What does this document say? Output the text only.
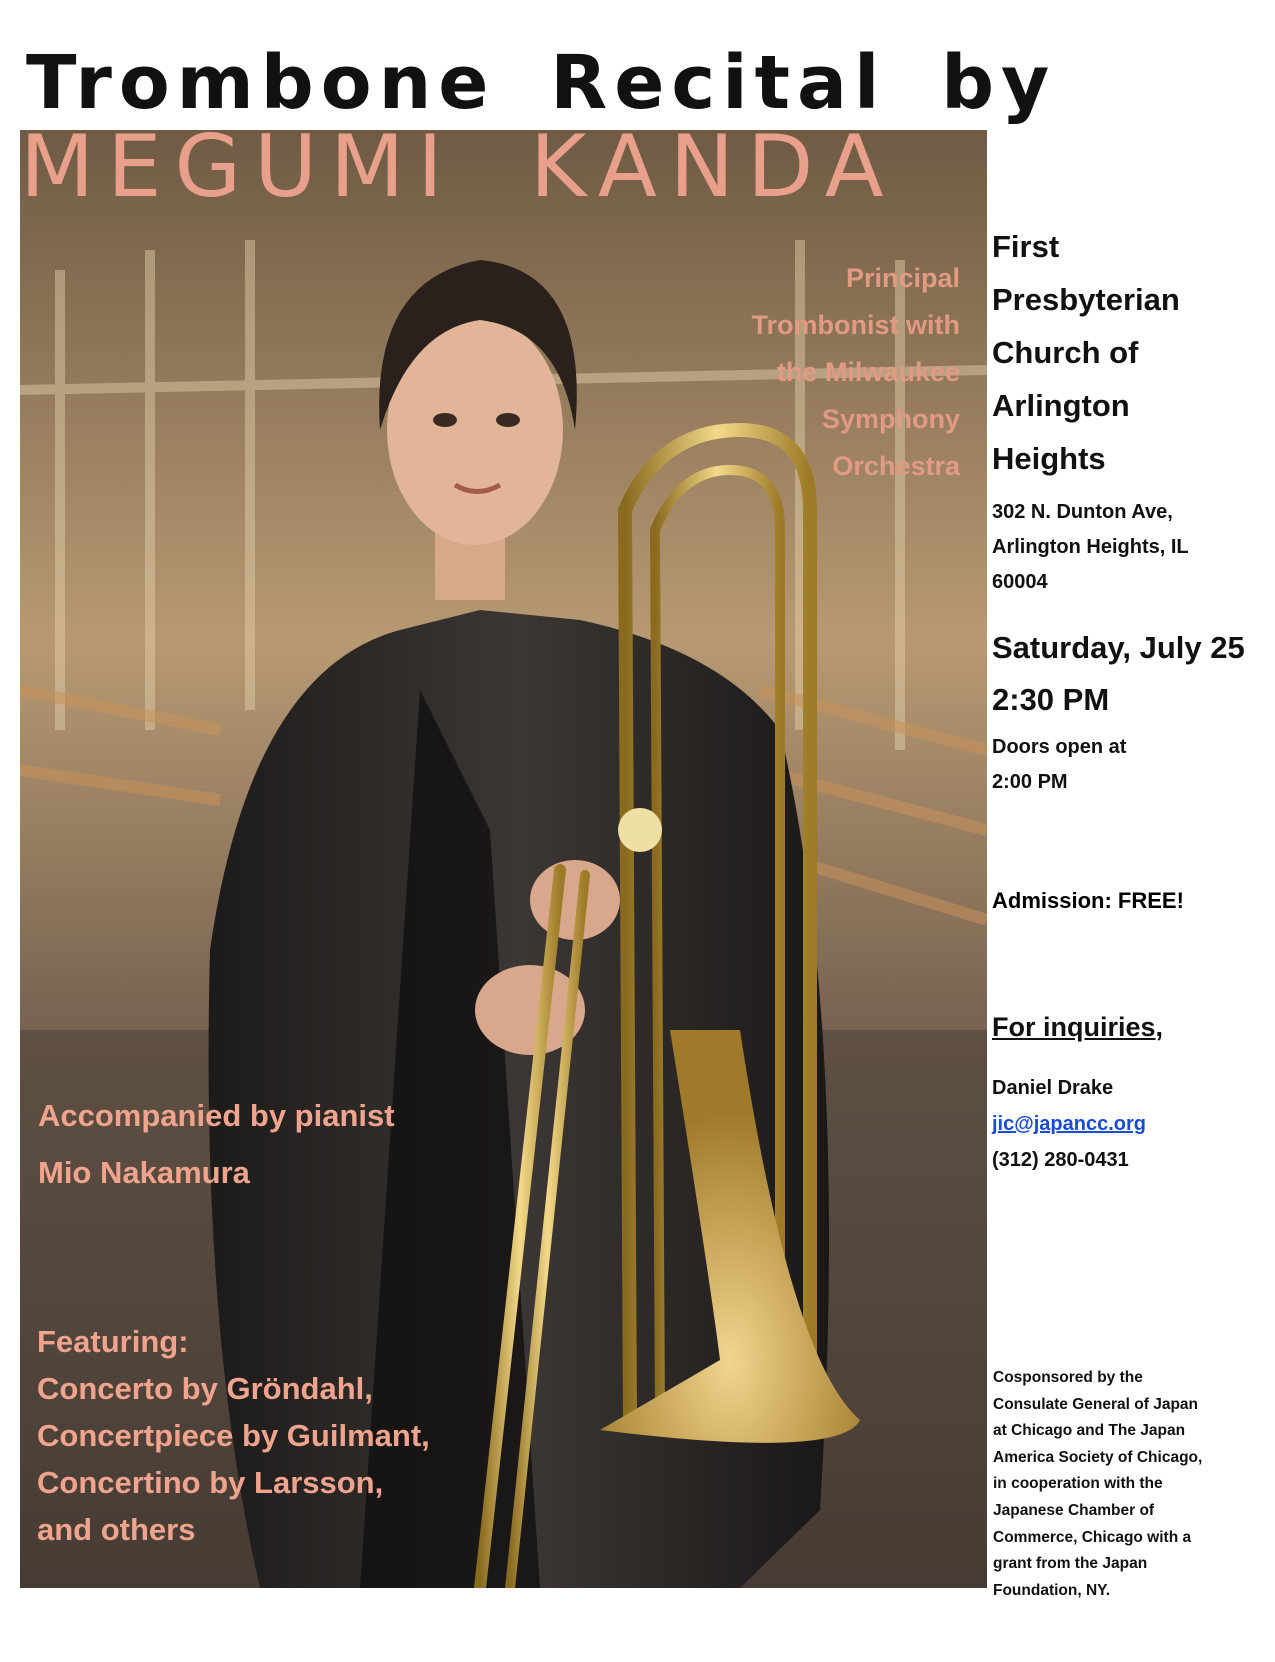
Trombone Recital by
MEGUMI KANDA
Principal
Trombonist with
the Milwaukee
Symphony
Orchestra
Accompanied by pianist
Mio Nakamura
Featuring:
Concerto by Gröndahl,
Concertpiece by Guilmant,
Concertino by Larsson,
and others
First
Presbyterian
Church of
Arlington
Heights
302 N. Dunton Ave,
Arlington Heights, IL
60004
Saturday, July 25
2:30 PM
Doors open at
2:00 PM
Admission: FREE!
For inquiries,
Daniel Drake
jic@japancc.org
(312) 280-0431
Cosponsored by the
Consulate General of Japan
at Chicago and The Japan
America Society of Chicago,
in cooperation with the
Japanese Chamber of
Commerce, Chicago with a
grant from the Japan
Foundation, NY.
